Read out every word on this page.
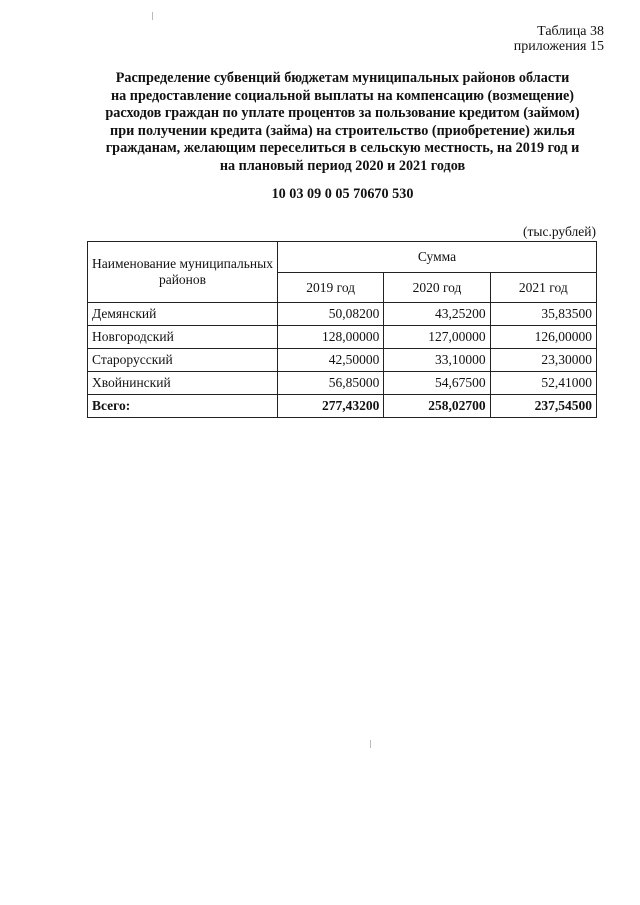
Таблица 38
приложения 15
Распределение субвенций бюджетам муниципальных районов области
на предоставление социальной выплаты на компенсацию (возмещение)
расходов граждан по уплате процентов за пользование кредитом (займом)
при получении кредита (займа) на строительство (приобретение) жилья
гражданам, желающим переселиться в сельскую местность, на 2019 год и
на плановый период 2020 и 2021 годов
10 03 09 0 05 70670 530
(тыс.рублей)
Наименование муниципальных районов	Сумма		
	2019 год	2020 год	2021 год
Демянский	50,08200	43,25200	35,83500
Новгородский	128,00000	127,00000	126,00000
Старорусский	42,50000	33,10000	23,30000
Хвойнинский	56,85000	54,67500	52,41000
Всего:	277,43200	258,02700	237,54500
